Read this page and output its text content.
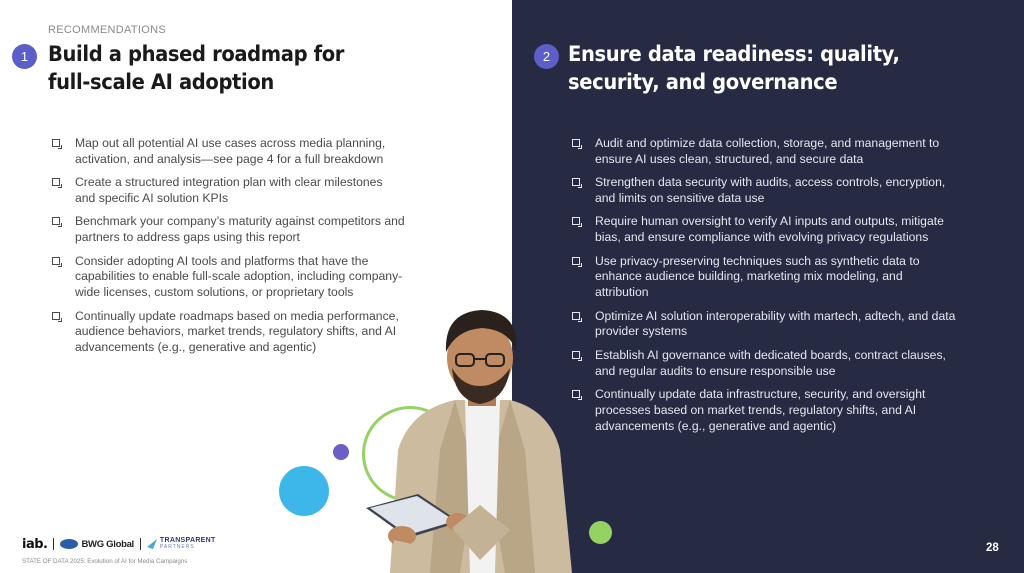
RECOMMENDATIONS
1 Build a phased roadmap for
full-scale AI adoption
Map out all potential AI use cases across media planning, activation, and analysis—see page 4 for a full breakdown
Create a structured integration plan with clear milestones and specific AI solution KPIs
Benchmark your company’s maturity against competitors and partners to address gaps using this report
Consider adopting AI tools and platforms that have the capabilities to enable full-scale adoption, including company-wide licenses, custom solutions, or proprietary tools
Continually update roadmaps based on media performance, audience behaviors, market trends, regulatory shifts, and AI advancements (e.g., generative and agentic)
2 Ensure data readiness: quality,
security, and governance
Audit and optimize data collection, storage, and management to ensure AI uses clean, structured, and secure data
Strengthen data security with audits, access controls, encryption, and limits on sensitive data use
Require human oversight to verify AI inputs and outputs, mitigate bias, and ensure compliance with evolving privacy regulations
Use privacy-preserving techniques such as synthetic data to enhance audience building, marketing mix modeling, and attribution
Optimize AI solution interoperability with martech, adtech, and data provider systems
Establish AI governance with dedicated boards, contract clauses, and regular audits to ensure responsible use
Continually update data infrastructure, security, and oversight processes based on market trends, regulatory shifts, and AI advancements (e.g., generative and agentic)
iab.	BWG Global	TRANSPARENT
PARTNERS
STATE OF DATA 2025: Evolution of AI for Media Campaigns
28
